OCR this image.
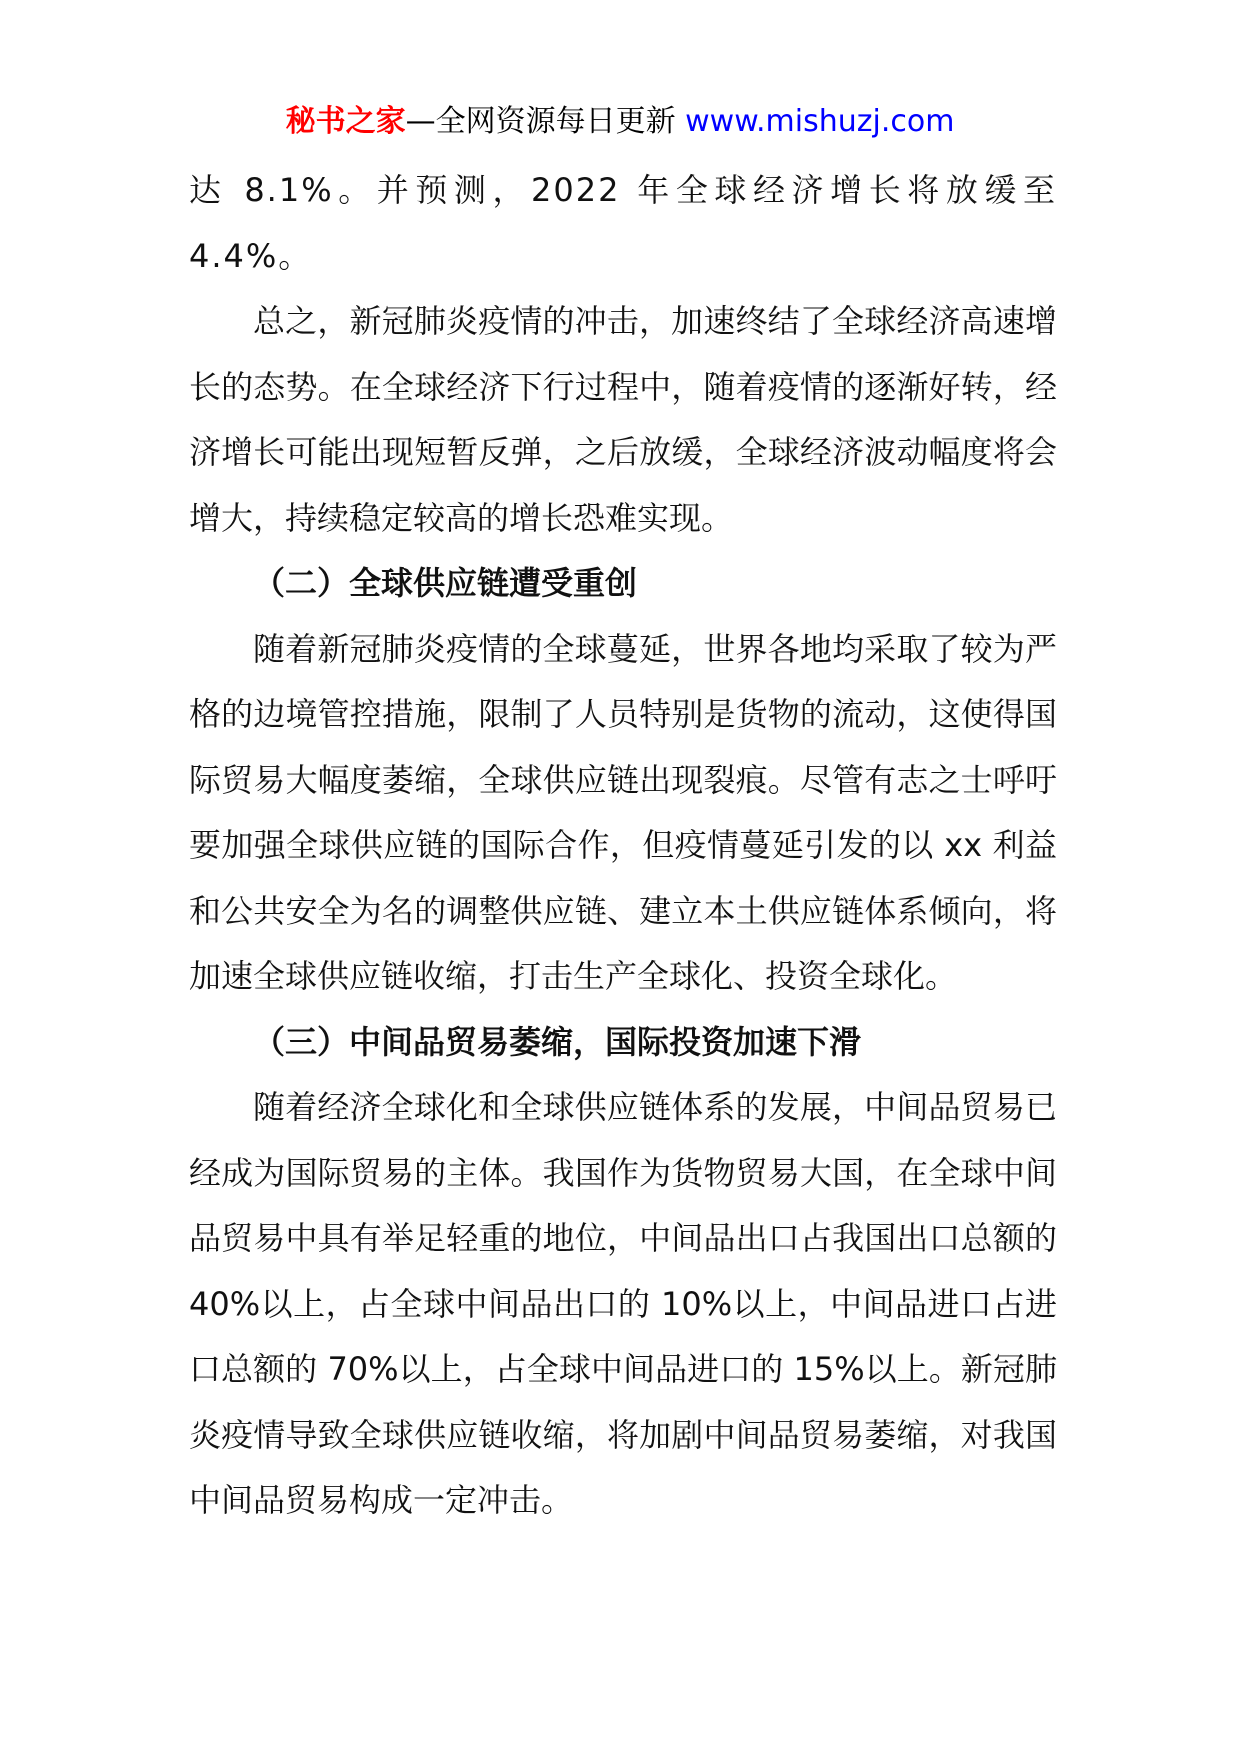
秘书之家—全网资源每日更新 www.mishuzj.com

达 8.1%。并预测，2022 年全球经济增长将放缓至 4.4%。

总之，新冠肺炎疫情的冲击，加速终结了全球经济高速增长的态势。在全球经济下行过程中，随着疫情的逐渐好转，经济增长可能出现短暂反弹，之后放缓，全球经济波动幅度将会增大，持续稳定较高的增长恐难实现。

（二）全球供应链遭受重创

随着新冠肺炎疫情的全球蔓延，世界各地均采取了较为严格的边境管控措施，限制了人员特别是货物的流动，这使得国际贸易大幅度萎缩，全球供应链出现裂痕。尽管有志之士呼吁要加强全球供应链的国际合作，但疫情蔓延引发的以 xx 利益和公共安全为名的调整供应链、建立本土供应链体系倾向，将加速全球供应链收缩，打击生产全球化、投资全球化。

（三）中间品贸易萎缩，国际投资加速下滑

随着经济全球化和全球供应链体系的发展，中间品贸易已经成为国际贸易的主体。我国作为货物贸易大国，在全球中间品贸易中具有举足轻重的地位，中间品出口占我国出口总额的 40%以上，占全球中间品出口的 10%以上，中间品进口占进口总额的 70%以上，占全球中间品进口的 15%以上。新冠肺炎疫情导致全球供应链收缩，将加剧中间品贸易萎缩，对我国中间品贸易构成一定冲击。
